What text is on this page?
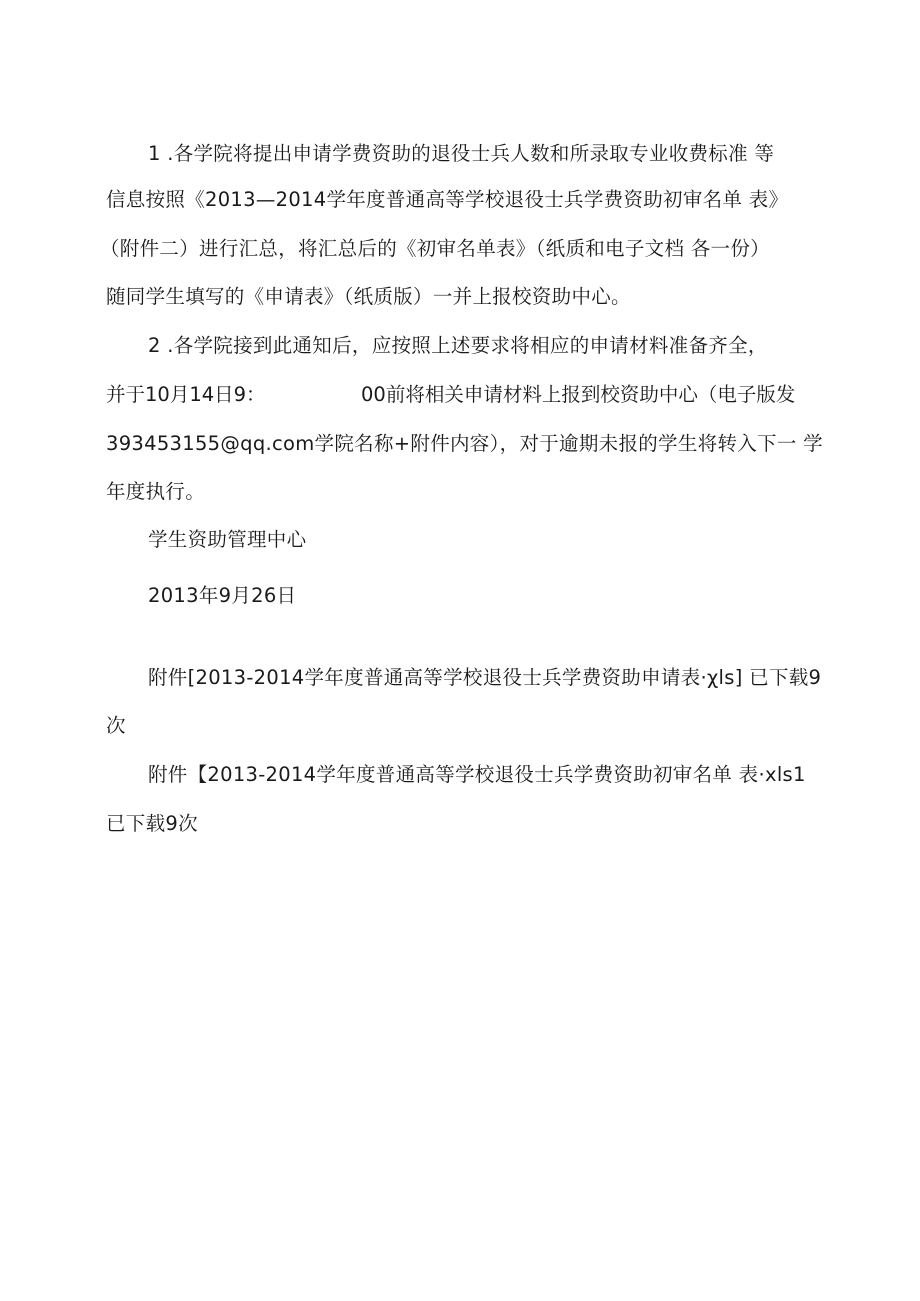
1 .各学院将提出申请学费资助的退役士兵人数和所录取专业收费标准 等
信息按照《2013—2014学年度普通高等学校退役士兵学费资助初审名单 表》
（附件二）进行汇总，将汇总后的《初审名单表》（纸质和电子文档 各一份）
随同学生填写的《申请表》（纸质版）一并上报校资助中心。
2 .各学院接到此通知后，应按照上述要求将相应的申请材料准备齐全，
并于10月14日9：	00前将相关申请材料上报到校资助中心（电子版发
393453155@qq.com学院名称+附件内容），对于逾期未报的学生将转入下一 学
年度执行。
学生资助管理中心
2013年9月26日
附件[2013-2014学年度普通高等学校退役士兵学费资助申请表·χls] 已下载9
次
附件【2013-2014学年度普通高等学校退役士兵学费资助初审名单 表·xls1
已下载9次
